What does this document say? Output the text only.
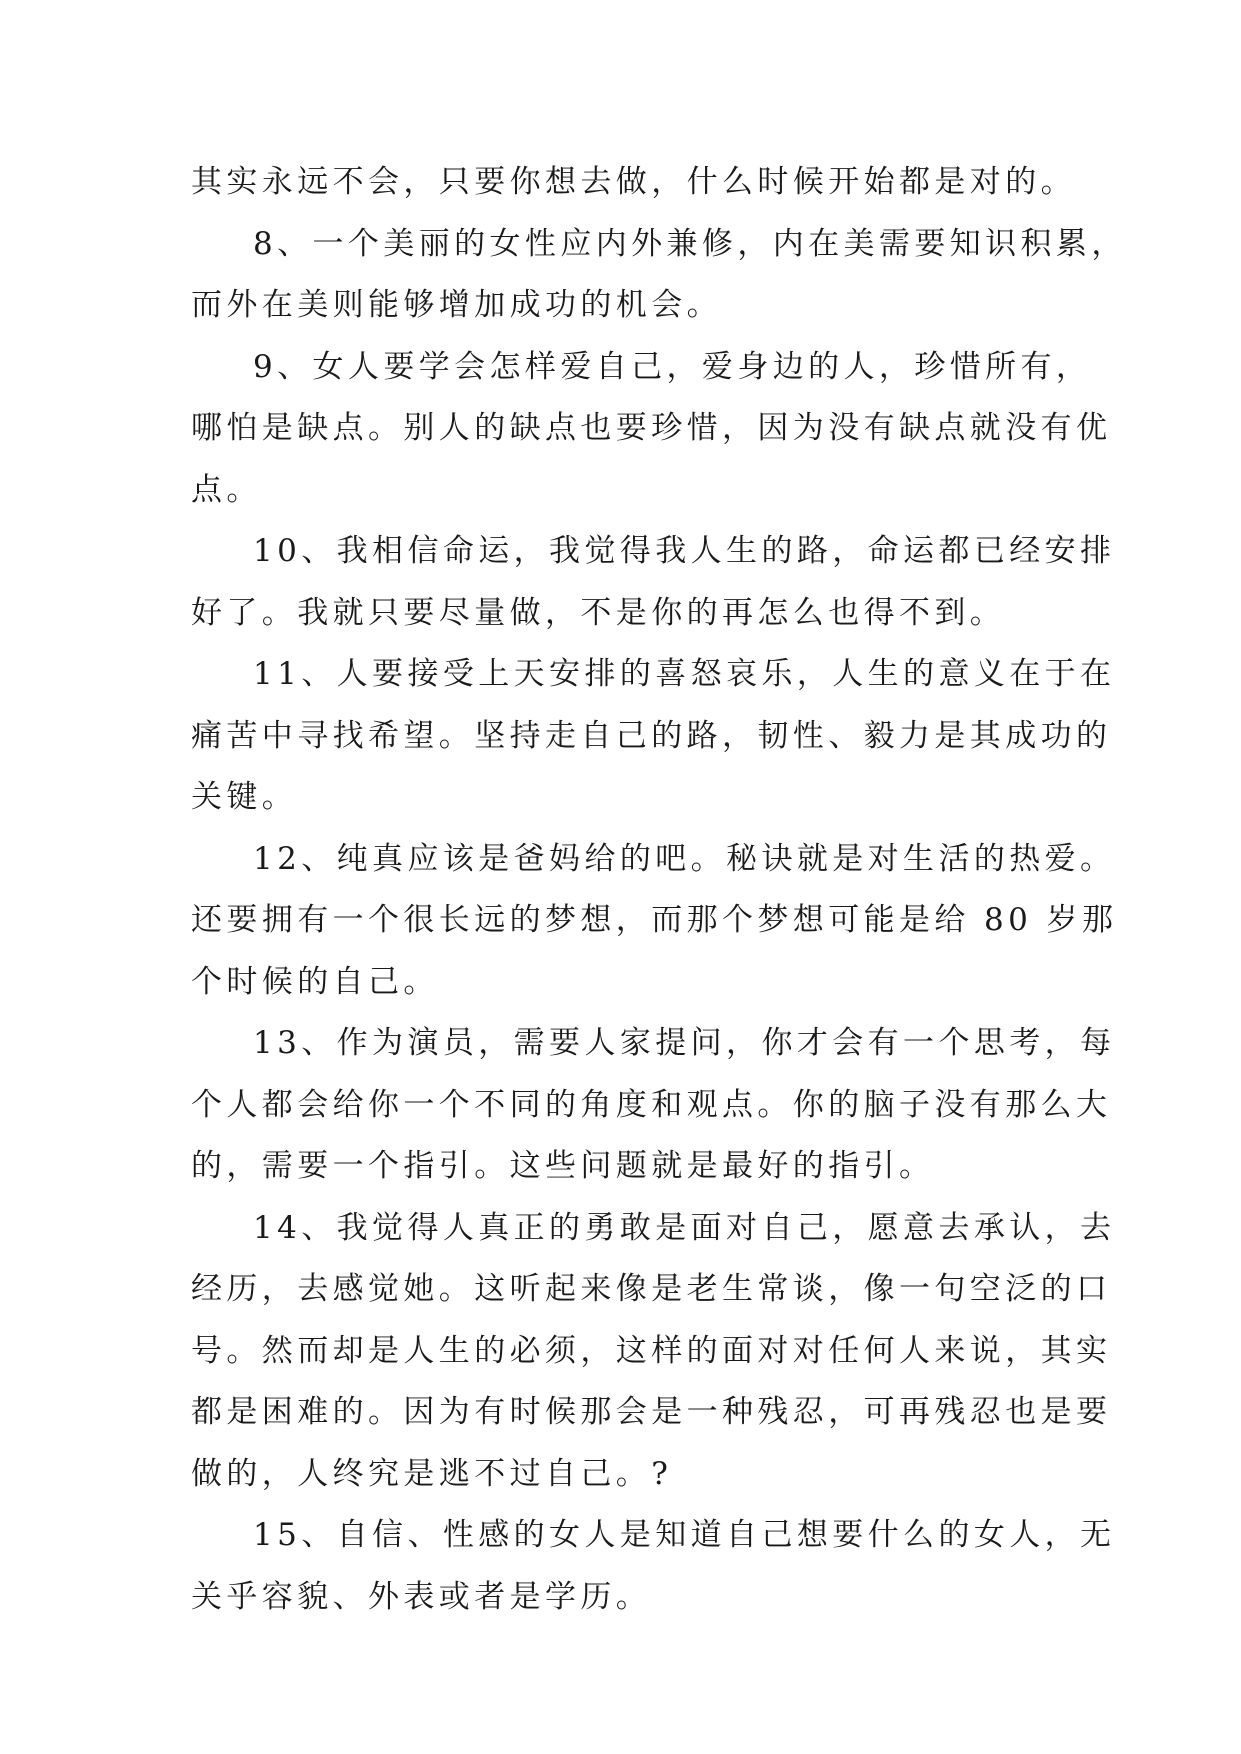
其实永远不会，只要你想去做，什么时候开始都是对的。
8、一个美丽的女性应内外兼修，内在美需要知识积累，
而外在美则能够增加成功的机会。
9、女人要学会怎样爱自己，爱身边的人，珍惜所有，
哪怕是缺点。别人的缺点也要珍惜，因为没有缺点就没有优
点。
10、我相信命运，我觉得我人生的路，命运都已经安排
好了。我就只要尽量做，不是你的再怎么也得不到。
11、人要接受上天安排的喜怒哀乐，人生的意义在于在
痛苦中寻找希望。坚持走自己的路，韧性、毅力是其成功的
关键。
12、纯真应该是爸妈给的吧。秘诀就是对生活的热爱。
还要拥有一个很长远的梦想，而那个梦想可能是给 80 岁那
个时候的自己。
13、作为演员，需要人家提问，你才会有一个思考，每
个人都会给你一个不同的角度和观点。你的脑子没有那么大
的，需要一个指引。这些问题就是最好的指引。
14、我觉得人真正的勇敢是面对自己，愿意去承认，去
经历，去感觉她。这听起来像是老生常谈，像一句空泛的口
号。然而却是人生的必须，这样的面对对任何人来说，其实
都是困难的。因为有时候那会是一种残忍，可再残忍也是要
做的，人终究是逃不过自己。?
15、自信、性感的女人是知道自己想要什么的女人，无
关乎容貌、外表或者是学历。
